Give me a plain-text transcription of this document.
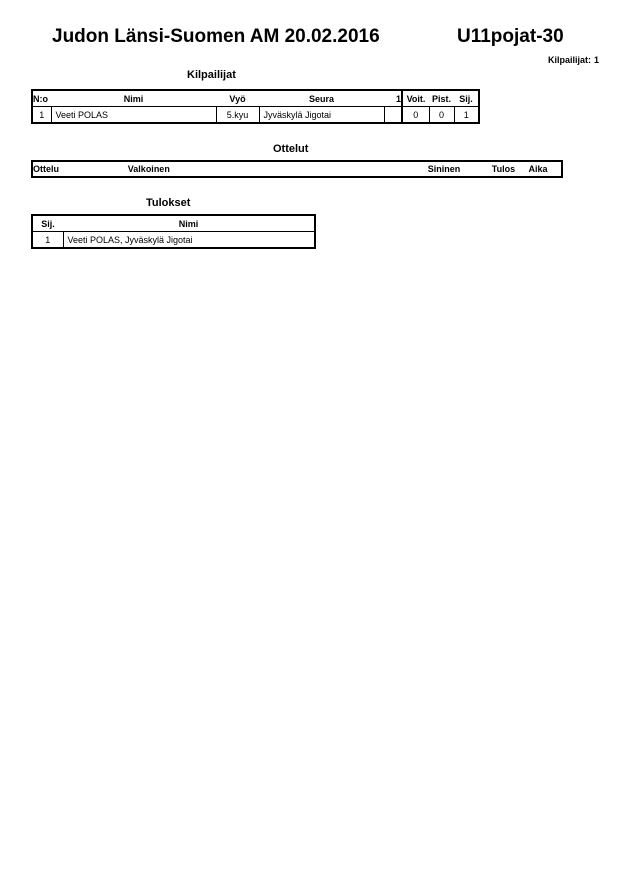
Judon Länsi-Suomen AM 20.02.2016	U11pojat-30
Kilpailijat: 1
Kilpailijat
N:o	Nimi	Vyö	Seura	1	Voit.	Pist.	Sij.
1	Veeti POLAS	5.kyu	Jyväskylä Jigotai		0	0	1
Ottelut
Ottelu	Valkoinen	Sininen	Tulos	Aika
Tulokset
Sij.	Nimi
1	Veeti POLAS, Jyväskylä Jigotai
